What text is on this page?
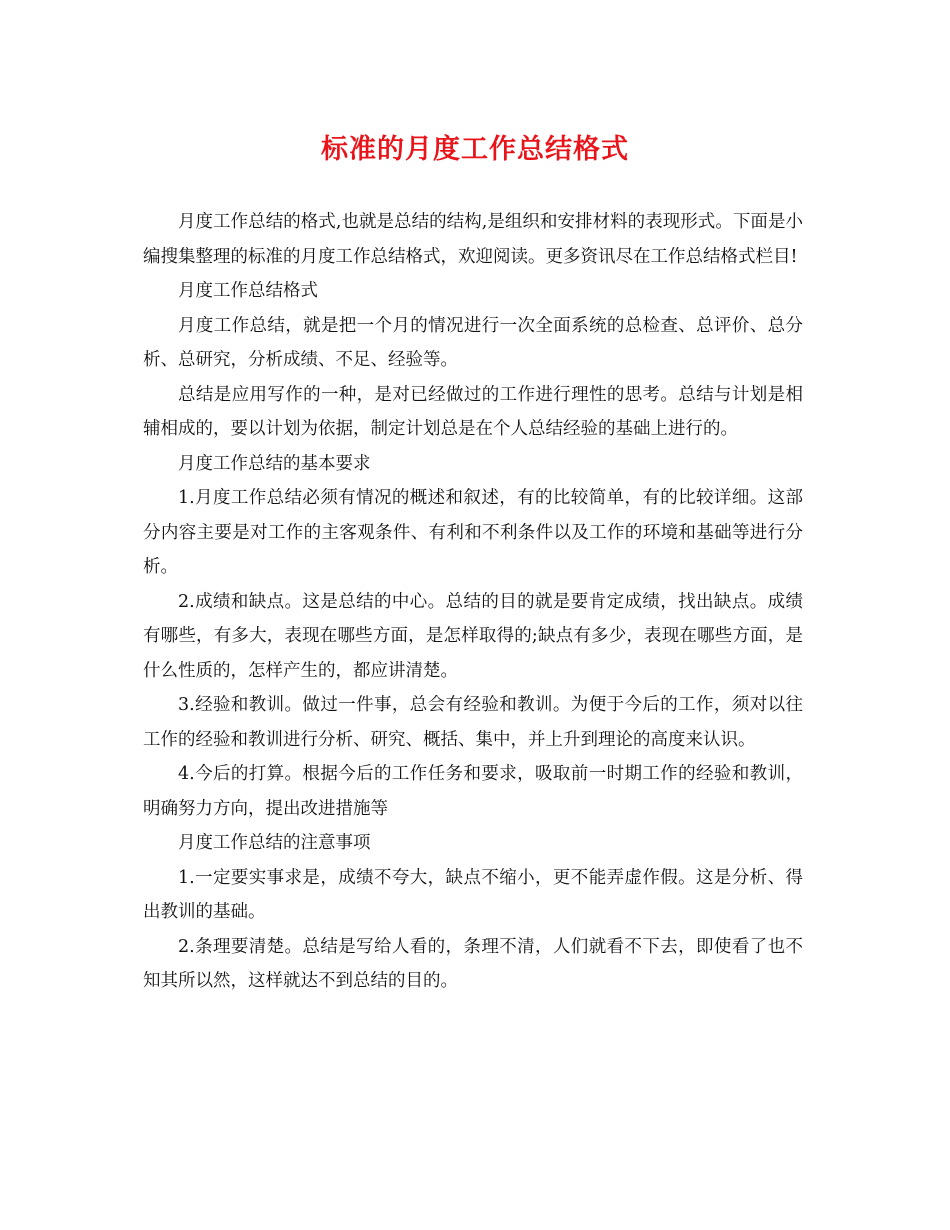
标准的月度工作总结格式

月度工作总结的格式,也就是总结的结构,是组织和安排材料的表现形式。下面是小编搜集整理的标准的月度工作总结格式，欢迎阅读。更多资讯尽在工作总结格式栏目!

月度工作总结格式

月度工作总结，就是把一个月的情况进行一次全面系统的总检查、总评价、总分析、总研究，分析成绩、不足、经验等。

总结是应用写作的一种，是对已经做过的工作进行理性的思考。总结与计划是相辅相成的，要以计划为依据，制定计划总是在个人总结经验的基础上进行的。

月度工作总结的基本要求

1.月度工作总结必须有情况的概述和叙述，有的比较简单，有的比较详细。这部分内容主要是对工作的主客观条件、有利和不利条件以及工作的环境和基础等进行分析。

2.成绩和缺点。这是总结的中心。总结的目的就是要肯定成绩，找出缺点。成绩有哪些，有多大，表现在哪些方面，是怎样取得的;缺点有多少，表现在哪些方面，是什么性质的，怎样产生的，都应讲清楚。

3.经验和教训。做过一件事，总会有经验和教训。为便于今后的工作，须对以往工作的经验和教训进行分析、研究、概括、集中，并上升到理论的高度来认识。

4.今后的打算。根据今后的工作任务和要求，吸取前一时期工作的经验和教训，明确努力方向，提出改进措施等

月度工作总结的注意事项

1.一定要实事求是，成绩不夸大，缺点不缩小，更不能弄虚作假。这是分析、得出教训的基础。

2.条理要清楚。总结是写给人看的，条理不清，人们就看不下去，即使看了也不知其所以然，这样就达不到总结的目的。
